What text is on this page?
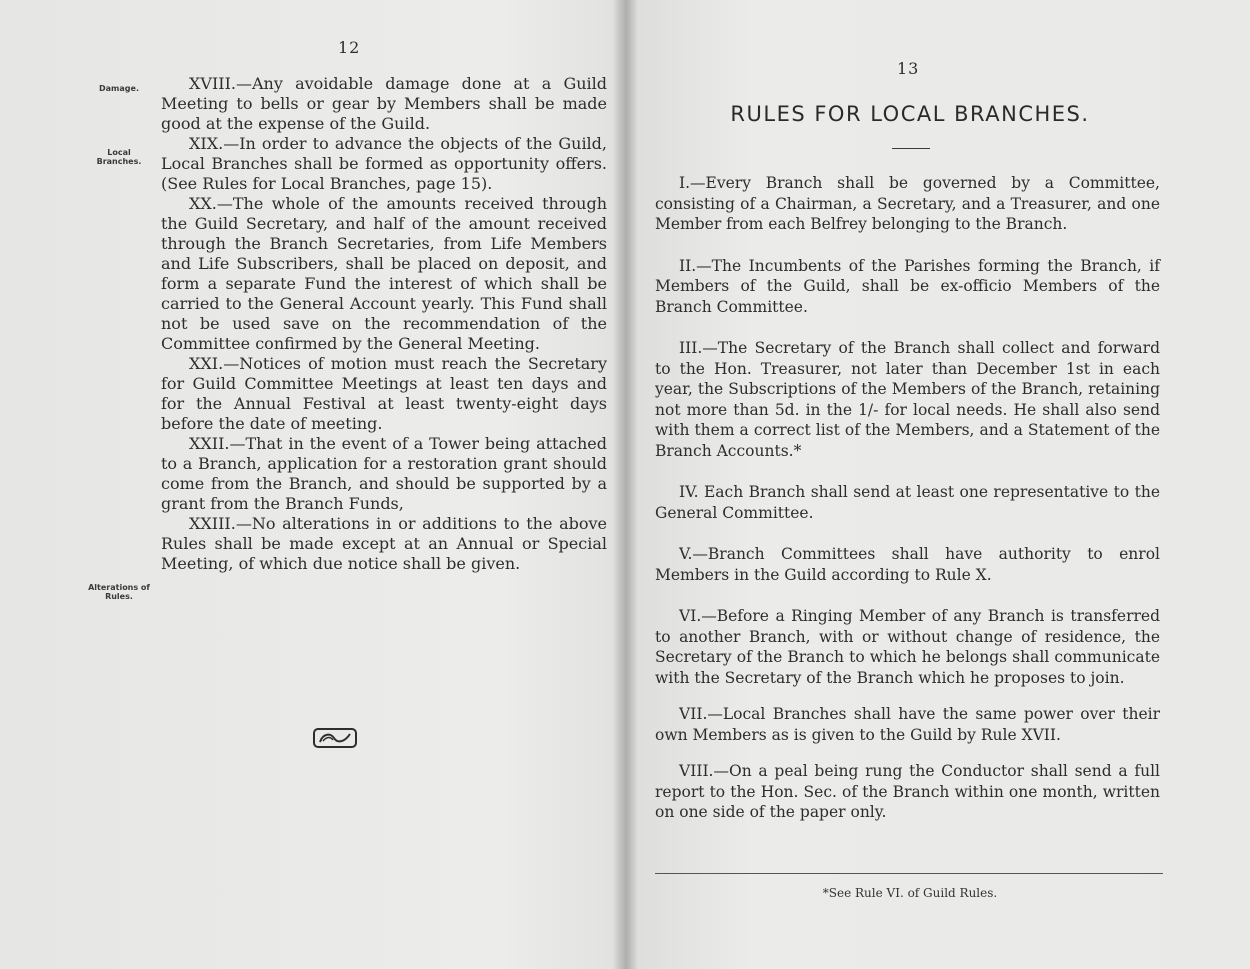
12
Damage.
Local Branches.
Alterations of Rules.

XVIII.—Any avoidable damage done at a Guild Meeting to bells or gear by Members shall be made good at the expense of the Guild.

XIX.—In order to advance the objects of the Guild, Local Branches shall be formed as opportunity offers. (See Rules for Local Branches, page 15).

XX.—The whole of the amounts received through the Guild Secretary, and half of the amount received through the Branch Secretaries, from Life Members and Life Subscribers, shall be placed on deposit, and form a separate Fund the interest of which shall be carried to the General Account yearly. This Fund shall not be used save on the recommendation of the Committee confirmed by the General Meeting.

XXI.—Notices of motion must reach the Secretary for Guild Committee Meetings at least ten days and for the Annual Festival at least twenty-eight days before the date of meeting.

XXII.—That in the event of a Tower being attached to a Branch, application for a restoration grant should come from the Branch, and should be supported by a grant from the Branch Funds,

XXIII.—No alterations in or additions to the above Rules shall be made except at an Annual or Special Meeting, of which due notice shall be given.

13
RULES FOR LOCAL BRANCHES.

I.—Every Branch shall be governed by a Committee, consisting of a Chairman, a Secretary, and a Treasurer, and one Member from each Belfrey belonging to the Branch.

II.—The Incumbents of the Parishes forming the Branch, if Members of the Guild, shall be ex-officio Members of the Branch Committee.

III.—The Secretary of the Branch shall collect and forward to the Hon. Treasurer, not later than December 1st in each year, the Subscriptions of the Members of the Branch, retaining not more than 5d. in the 1/- for local needs. He shall also send with them a correct list of the Members, and a Statement of the Branch Accounts.*

IV. Each Branch shall send at least one representative to the General Committee.

V.—Branch Committees shall have authority to enrol Members in the Guild according to Rule X.

VI.—Before a Ringing Member of any Branch is transferred to another Branch, with or without change of residence, the Secretary of the Branch to which he belongs shall communicate with the Secretary of the Branch which he proposes to join.

VII.—Local Branches shall have the same power over their own Members as is given to the Guild by Rule XVII.

VIII.—On a peal being rung the Conductor shall send a full report to the Hon. Sec. of the Branch within one month, written on one side of the paper only.

*See Rule VI. of Guild Rules.
